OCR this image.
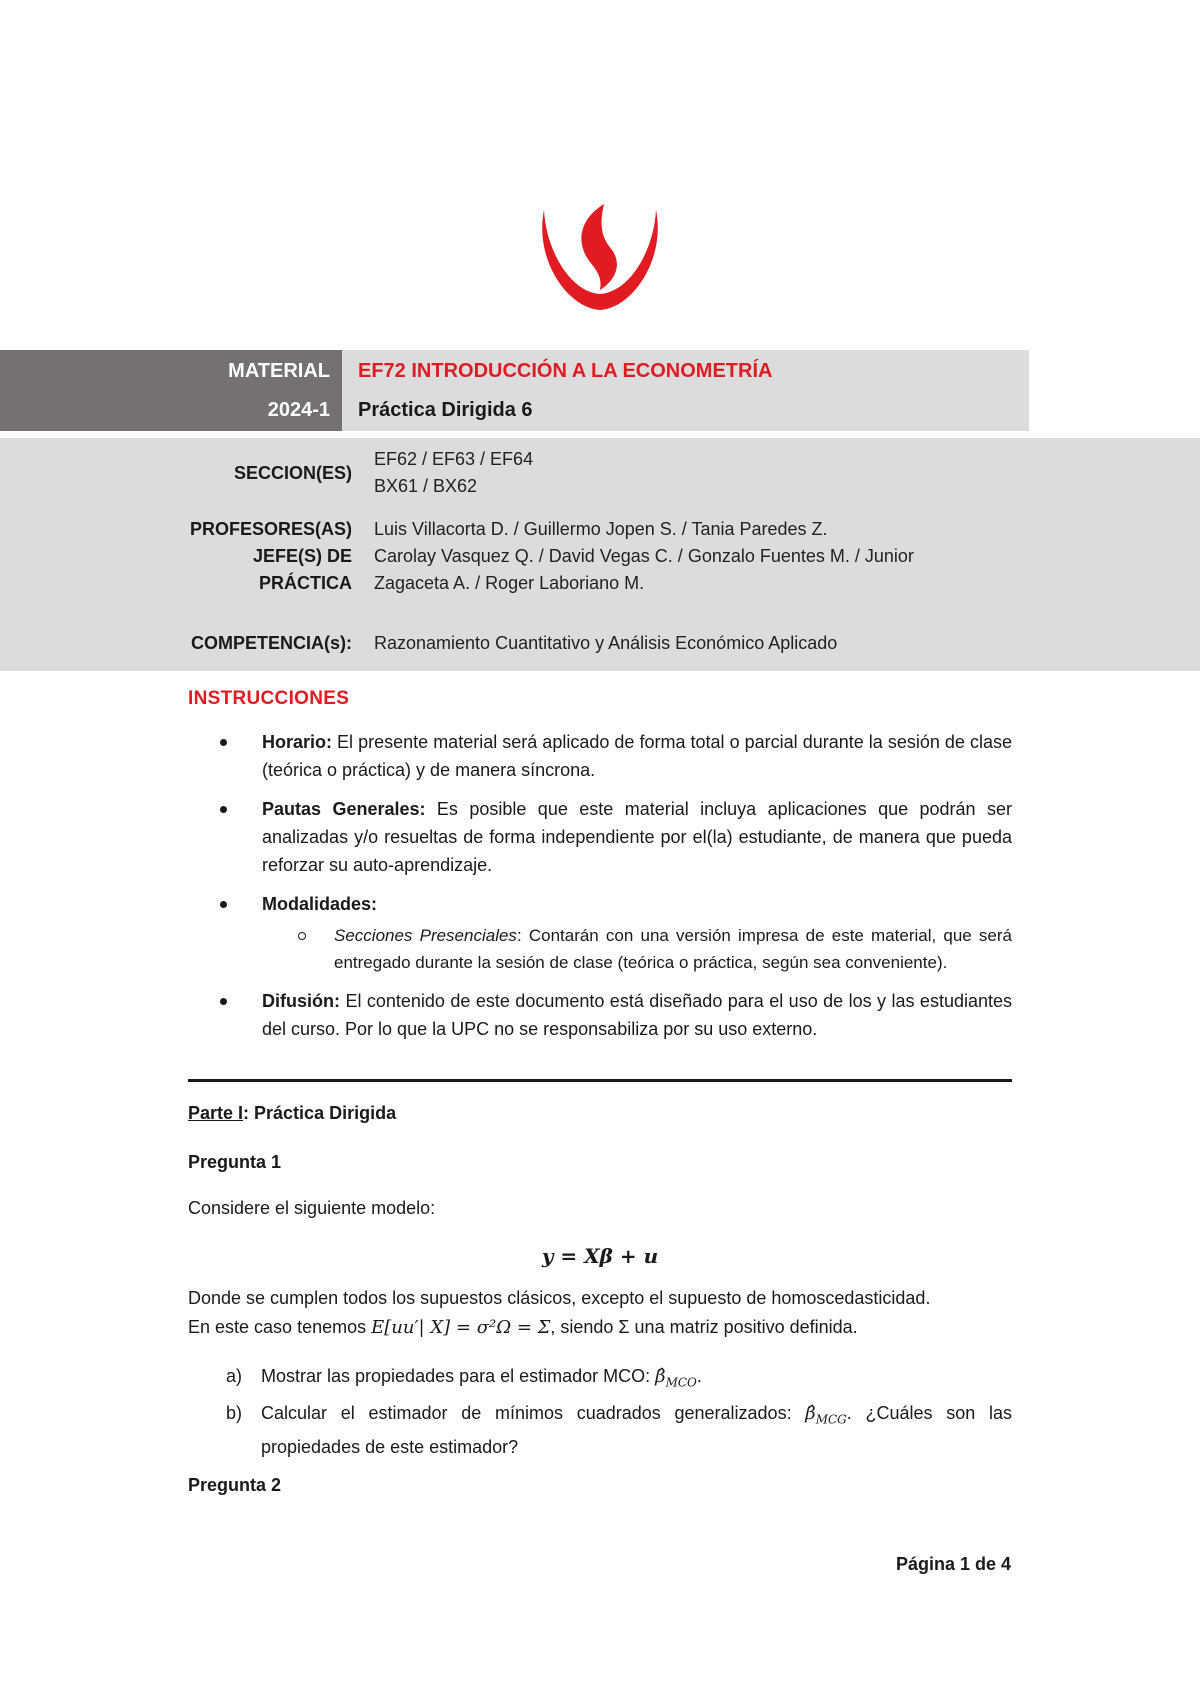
MATERIAL
2024-1
EF72 INTRODUCCIÓN A LA ECONOMETRÍA
Práctica Dirigida 6
SECCION(ES)
EF62 / EF63 / EF64
BX61 / BX62
PROFESORES(AS)
JEFE(S) DE
PRÁCTICA
Luis Villacorta D. / Guillermo Jopen S. / Tania Paredes Z.
Carolay Vasquez Q. / David Vegas C. / Gonzalo Fuentes M. / Junior
Zagaceta A. / Roger Laboriano M.
COMPETENCIA(s): Razonamiento Cuantitativo y Análisis Económico Aplicado
INSTRUCCIONES
Horario: El presente material será aplicado de forma total o parcial durante la sesión de clase (teórica o práctica) y de manera síncrona.
Pautas Generales: Es posible que este material incluya aplicaciones que podrán ser analizadas y/o resueltas de forma independiente por el(la) estudiante, de manera que pueda reforzar su auto-aprendizaje.
Modalidades:
Secciones Presenciales: Contarán con una versión impresa de este material, que será entregado durante la sesión de clase (teórica o práctica, según sea conveniente).
Difusión: El contenido de este documento está diseñado para el uso de los y las estudiantes del curso. Por lo que la UPC no se responsabiliza por su uso externo.
Parte I: Práctica Dirigida
Pregunta 1
Considere el siguiente modelo:
y = Xβ + u
Donde se cumplen todos los supuestos clásicos, excepto el supuesto de homoscedasticidad.
En este caso tenemos E[uu′| X] = σ²Ω = Σ, siendo Σ una matriz positivo definida.
a) Mostrar las propiedades para el estimador MCO: $\betâ_{MCO}$.
b) Calcular el estimador de mínimos cuadrados generalizados: $\betâ_{MCG}$. ¿Cuáles son las propiedades de este estimador?
Pregunta 2
Página 1 de 4
